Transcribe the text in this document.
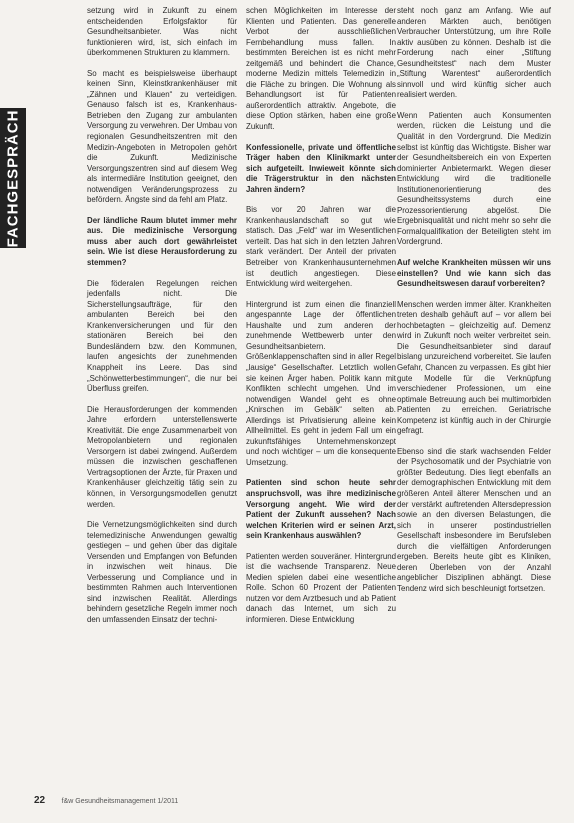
FACHGESPRÄCH

setzung wird in Zukunft zu einem entscheidenden Erfolgsfaktor für Gesundheitsanbieter. Was nicht funktionieren wird, ist, sich einfach im überkommenen Strukturen zu klammern.

So macht es beispielsweise überhaupt keinen Sinn, Kleinstkrankenhäuser mit „Zähnen und Klauen“ zu verteidigen. Genauso falsch ist es, Krankenhaus-Betrieben den Zugang zur ambulanten Versorgung zu verwehren. Der Umbau von regionalen Gesundheitszentren mit den Medizin-Angeboten in Metropolen gehört die Zukunft. Medizinische Versorgungszentren sind auf diesem Weg als intermediäre Institution geeignet, den notwendigen Veränderungsprozess zu befördern. Ängste sind da fehl am Platz.

Der ländliche Raum blutet immer mehr aus. Die medizinische Versorgung muss aber auch dort gewährleistet sein. Wie ist diese Herausforderung zu stemmen?

Die föderalen Regelungen reichen jedenfalls nicht. Die Sicherstellungsaufträge, für den ambulanten Bereich bei den Krankenversicherungen und für den stationären Bereich bei den Bundesländern bzw. den Kommunen, laufen angesichts der zunehmenden Knappheit ins Leere. Das sind „Schönwetterbestimmungen“, die nur bei Überfluss greifen.

Die Herausforderungen der kommenden Jahre erfordern unterstellenswerte Kreativität. Die enge Zusammenarbeit von Metropolanbietern und regionalen Versorgern ist dabei zwingend. Außerdem müssen die inzwischen geschaffenen Vertragsoptionen der Ärzte, für Praxen und Krankenhäuser gleichzeitig tätig sein zu können, in Versorgungsmodellen genutzt werden.

Die Vernetzungsmöglichkeiten sind durch telemedizinische Anwendungen gewaltig gestiegen – und gehen über das digitale Versenden und Empfangen von Befunden in inzwischen weit hinaus. Die Verbesserung und Compliance und in bestimmten Rahmen auch Interventionen sind inzwischen Realität. Allerdings behindern gesetzliche Regeln immer noch den umfassenden Einsatz der techni-

schen Möglichkeiten im Interesse der Klienten und Patienten. Das generelle Verbot der ausschließlichen Fernbehandlung muss fallen. In bestimmten Bereichen ist es nicht mehr zeitgemäß und behindert die Chance, moderne Medizin mittels Telemedizin in die Fläche zu bringen. Die Wohnung als Behandlungsort ist für Patienten außerordentlich attraktiv. Angebote, die diese Option stärken, haben eine große Zukunft.

Konfessionelle, private und öffentliche Träger haben den Klinikmarkt unter sich aufgeteilt. Inwieweit könnte sich die Trägerstruktur in den nächsten Jahren ändern?

Bis vor 20 Jahren war die Krankenhauslandschaft so gut wie statisch. Das „Feld“ war im Wesentlichen verteilt. Das hat sich in den letzten Jahren stark verändert. Der Anteil der privaten Betreiber von Krankenhausunternehmen ist deutlich angestiegen. Diese Entwicklung wird weitergehen.

Hintergrund ist zum einen die finanziell angespannte Lage der öffentlichen Haushalte und zum anderen der zunehmende Wettbewerb unter den Gesundheitsanbietern. Größenklappenschaften sind in aller Regel „lausige“ Gesellschafter. Letztlich wollen sie keinen Ärger haben. Politik kann mit Konflikten schlecht umgehen. Und im notwendigen Wandel geht es ohne „Knirschen im Gebälk“ selten ab. Allerdings ist Privatisierung alleine kein Allheilmittel. Es geht in jedem Fall um ein zukunftsfähiges Unternehmenskonzept und noch wichtiger – um die konsequente Umsetzung.

Patienten sind schon heute sehr anspruchsvoll, was ihre medizinische Versorgung angeht. Wie wird der Patient der Zukunft aussehen? Nach welchen Kriterien wird er seinen Arzt, sein Krankenhaus auswählen?

Patienten werden souveräner. Hintergrund ist die wachsende Transparenz. Neue Medien spielen dabei eine wesentliche Rolle. Schon 60 Prozent der Patienten nutzen vor dem Arztbesuch und ab Patient danach das Internet, um sich zu informieren. Diese Entwicklung

steht noch ganz am Anfang. Wie auf anderen Märkten auch, benötigen Verbraucher Unterstützung, um ihre Rolle aktiv ausüben zu können. Deshalb ist die Forderung nach einer „Stiftung Gesundheitstest“ nach dem Muster „Stiftung Warentest“ außerordentlich sinnvoll und wird künftig sicher auch realisiert werden.

Wenn Patienten auch Konsumenten werden, rücken die Leistung und die Qualität in den Vordergrund. Die Medizin selbst ist künftig das Wichtigste. Bisher war der Gesundheitsbereich ein von Experten dominierter Anbietermarkt. Wegen dieser Entwicklung wird die traditionelle Institutionenorientierung des Gesundheitssystems durch eine Prozessorientierung abgelöst. Die Ergebnisqualität und nicht mehr so sehr die Formalqualifikation der Beteiligten steht im Vordergrund.

Auf welche Krankheiten müssen wir uns einstellen? Und wie kann sich das Gesundheitswesen darauf vorbereiten?

Menschen werden immer älter. Krankheiten treten deshalb gehäuft auf – vor allem bei hochbetagten – gleichzeitig auf. Demenz wird in Zukunft noch weiter verbreitet sein. Die Gesundheitsanbieter sind darauf bislang unzureichend vorbereitet. Sie laufen Gefahr, Chancen zu verpassen. Es gibt hier gute Modelle für die Verknüpfung verschiedener Professionen, um eine optimale Betreuung auch bei multimorbiden Patienten zu erreichen. Geriatrische Kompetenz ist künftig auch in der Chirurgie gefragt.

Ebenso sind die stark wachsenden Felder der Psychosomatik und der Psychiatrie von größter Bedeutung. Dies liegt ebenfalls an der demographischen Entwicklung mit dem größeren Anteil älterer Menschen und an der verstärkt auftretenden Altersdepression sowie an den diversen Belastungen, die sich in unserer postindustriellen Gesellschaft insbesondere im Berufsleben durch die vielfältigen Anforderungen ergeben. Bereits heute gibt es Kliniken, deren Überleben von der Anzahl angeblicher Disziplinen abhängt. Diese Tendenz wird sich beschleunigt fortsetzen.

22 f&w Gesundheitsmanagement 1/2011
